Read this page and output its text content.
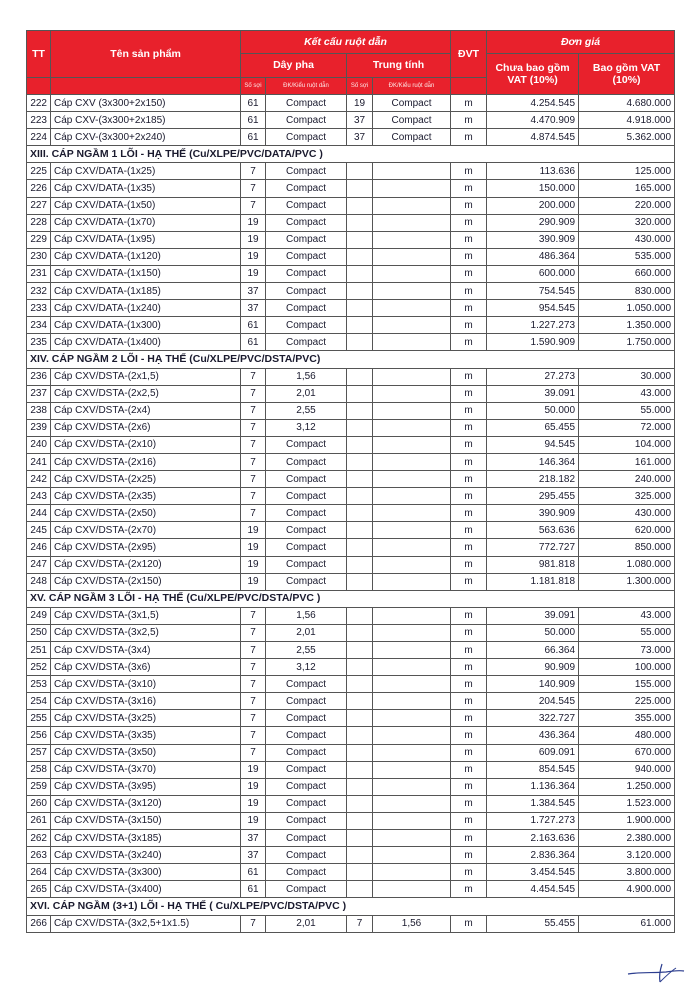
TT	Tên sản phẩm	Kết cấu ruột dẫn				ĐVT	Đơn giá	
		Dây pha		Trung tính			Chưa bao gồm VAT (10%)	Bao gồm VAT (10%)
		Số sợi	ĐK/Kiểu ruột dẫn	Số sợi	ĐK/Kiểu ruột dẫn			
222	Cáp CXV (3x300+2x150)	61	Compact	19	Compact	m	4.254.545	4.680.000
223	Cáp CXV-(3x300+2x185)	61	Compact	37	Compact	m	4.470.909	4.918.000
224	Cáp CXV-(3x300+2x240)	61	Compact	37	Compact	m	4.874.545	5.362.000
XIII. CÁP NGẦM 1 LÕI - HẠ THẾ (Cu/XLPE/PVC/DATA/PVC )								
225	Cáp CXV/DATA-(1x25)	7	Compact			m	113.636	125.000
226	Cáp CXV/DATA-(1x35)	7	Compact			m	150.000	165.000
227	Cáp CXV/DATA-(1x50)	7	Compact			m	200.000	220.000
228	Cáp CXV/DATA-(1x70)	19	Compact			m	290.909	320.000
229	Cáp CXV/DATA-(1x95)	19	Compact			m	390.909	430.000
230	Cáp CXV/DATA-(1x120)	19	Compact			m	486.364	535.000
231	Cáp CXV/DATA-(1x150)	19	Compact			m	600.000	660.000
232	Cáp CXV/DATA-(1x185)	37	Compact			m	754.545	830.000
233	Cáp CXV/DATA-(1x240)	37	Compact			m	954.545	1.050.000
234	Cáp CXV/DATA-(1x300)	61	Compact			m	1.227.273	1.350.000
235	Cáp CXV/DATA-(1x400)	61	Compact			m	1.590.909	1.750.000
XIV. CÁP NGẦM 2 LÕI - HẠ THẾ (Cu/XLPE/PVC/DSTA/PVC)								
236	Cáp CXV/DSTA-(2x1,5)	7	1,56			m	27.273	30.000
237	Cáp CXV/DSTA-(2x2,5)	7	2,01			m	39.091	43.000
238	Cáp CXV/DSTA-(2x4)	7	2,55			m	50.000	55.000
239	Cáp CXV/DSTA-(2x6)	7	3,12			m	65.455	72.000
240	Cáp CXV/DSTA-(2x10)	7	Compact			m	94.545	104.000
241	Cáp CXV/DSTA-(2x16)	7	Compact			m	146.364	161.000
242	Cáp CXV/DSTA-(2x25)	7	Compact			m	218.182	240.000
243	Cáp CXV/DSTA-(2x35)	7	Compact			m	295.455	325.000
244	Cáp CXV/DSTA-(2x50)	7	Compact			m	390.909	430.000
245	Cáp CXV/DSTA-(2x70)	19	Compact			m	563.636	620.000
246	Cáp CXV/DSTA-(2x95)	19	Compact			m	772.727	850.000
247	Cáp CXV/DSTA-(2x120)	19	Compact			m	981.818	1.080.000
248	Cáp CXV/DSTA-(2x150)	19	Compact			m	1.181.818	1.300.000
XV. CÁP NGẦM 3 LÕI - HẠ THẾ (Cu/XLPE/PVC/DSTA/PVC )								
249	Cáp CXV/DSTA-(3x1,5)	7	1,56			m	39.091	43.000
250	Cáp CXV/DSTA-(3x2,5)	7	2,01			m	50.000	55.000
251	Cáp CXV/DSTA-(3x4)	7	2,55			m	66.364	73.000
252	Cáp CXV/DSTA-(3x6)	7	3,12			m	90.909	100.000
253	Cáp CXV/DSTA-(3x10)	7	Compact			m	140.909	155.000
254	Cáp CXV/DSTA-(3x16)	7	Compact			m	204.545	225.000
255	Cáp CXV/DSTA-(3x25)	7	Compact			m	322.727	355.000
256	Cáp CXV/DSTA-(3x35)	7	Compact			m	436.364	480.000
257	Cáp CXV/DSTA-(3x50)	7	Compact			m	609.091	670.000
258	Cáp CXV/DSTA-(3x70)	19	Compact			m	854.545	940.000
259	Cáp CXV/DSTA-(3x95)	19	Compact			m	1.136.364	1.250.000
260	Cáp CXV/DSTA-(3x120)	19	Compact			m	1.384.545	1.523.000
261	Cáp CXV/DSTA-(3x150)	19	Compact			m	1.727.273	1.900.000
262	Cáp CXV/DSTA-(3x185)	37	Compact			m	2.163.636	2.380.000
263	Cáp CXV/DSTA-(3x240)	37	Compact			m	2.836.364	3.120.000
264	Cáp CXV/DSTA-(3x300)	61	Compact			m	3.454.545	3.800.000
265	Cáp CXV/DSTA-(3x400)	61	Compact			m	4.454.545	4.900.000
XVI. CÁP NGẦM (3+1) LÕI - HẠ THẾ ( Cu/XLPE/PVC/DSTA/PVC )								
266	Cáp CXV/DSTA-(3x2,5+1x1.5)	7	2,01	7	1,56	m	55.455	61.000
